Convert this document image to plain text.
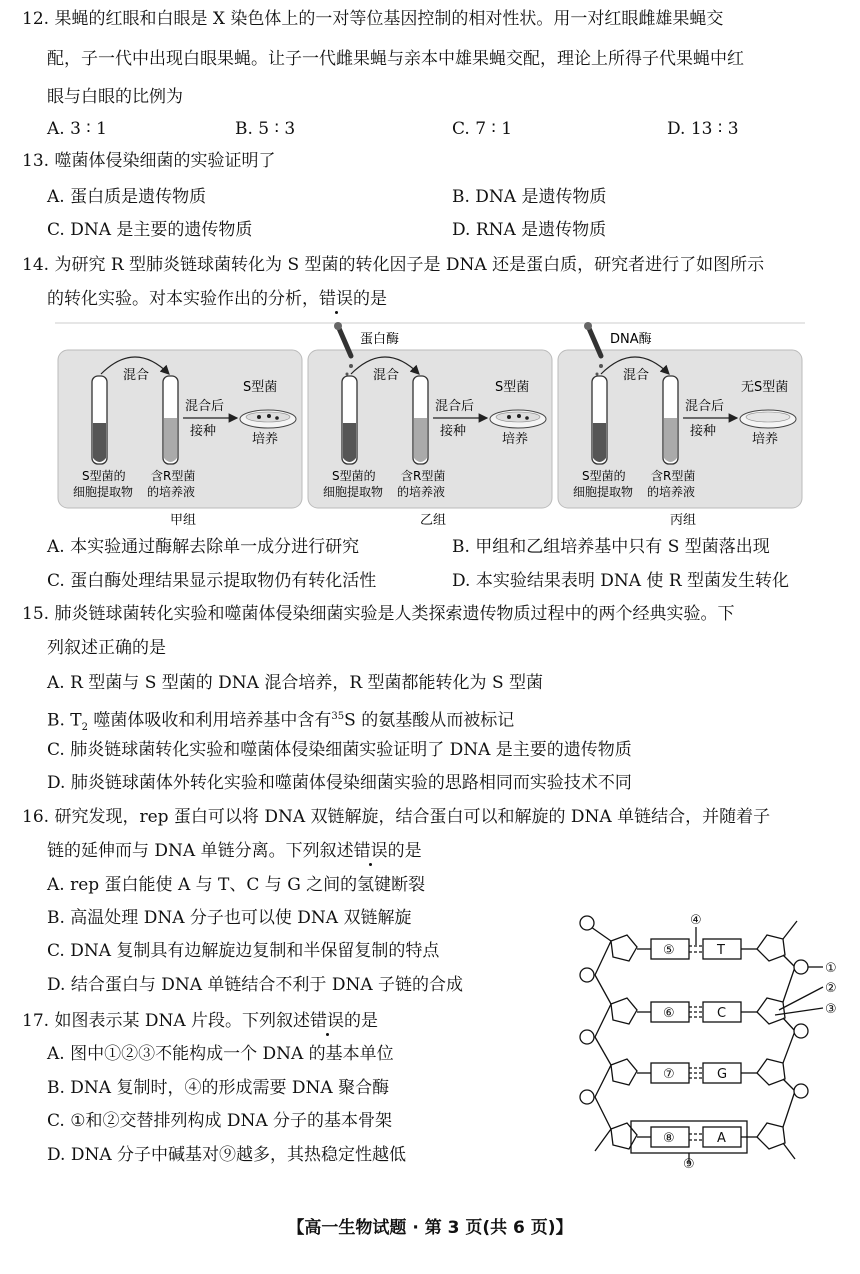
12. 果蝇的红眼和白眼是 X 染色体上的一对等位基因控制的相对性状。用一对红眼雌雄果蝇交
配，子一代中出现白眼果蝇。让子一代雌果蝇与亲本中雄果蝇交配，理论上所得子代果蝇中红
眼与白眼的比例为
A. 3 ∶ 1	B. 5 ∶ 3	C. 7 ∶ 1	D. 13 ∶ 3
13. 噬菌体侵染细菌的实验证明了
A. 蛋白质是遗传物质	B. DNA 是遗传物质
C. DNA 是主要的遗传物质	D. RNA 是遗传物质
14. 为研究 R 型肺炎链球菌转化为 S 型菌的转化因子是 DNA 还是蛋白质，研究者进行了如图所示
的转化实验。对本实验作出的分析，错误的是
混合
混合后
接种
S型菌
培养
S型菌的
细胞提取物
含R型菌
的培养液
甲组
蛋白酶
混合
混合后
接种
S型菌
培养
S型菌的
细胞提取物
含R型菌
的培养液
乙组
DNA酶
混合
混合后
接种
无S型菌
培养
S型菌的
细胞提取物
含R型菌
的培养液
丙组
A. 本实验通过酶解去除单一成分进行研究	B. 甲组和乙组培养基中只有 S 型菌落出现
C. 蛋白酶处理结果显示提取物仍有转化活性	D. 本实验结果表明 DNA 使 R 型菌发生转化
15. 肺炎链球菌转化实验和噬菌体侵染细菌实验是人类探索遗传物质过程中的两个经典实验。下
列叙述正确的是
A. R 型菌与 S 型菌的 DNA 混合培养，R 型菌都能转化为 S 型菌
B. $T_2$ 噬菌体吸收和利用培养基中含有$^{35}$S 的氨基酸从而被标记
C. 肺炎链球菌转化实验和噬菌体侵染细菌实验证明了 DNA 是主要的遗传物质
D. 肺炎链球菌体外转化实验和噬菌体侵染细菌实验的思路相同而实验技术不同
16. 研究发现，rep 蛋白可以将 DNA 双链解旋，结合蛋白可以和解旋的 DNA 单链结合，并随着子
链的延伸而与 DNA 单链分离。下列叙述错误的是
A. rep 蛋白能使 A 与 T、C 与 G 之间的氢键断裂
B. 高温处理 DNA 分子也可以使 DNA 双链解旋
C. DNA 复制具有边解旋边复制和半保留复制的特点
D. 结合蛋白与 DNA 单链结合不利于 DNA 子链的合成
17. 如图表示某 DNA 片段。下列叙述错误的是
A. 图中①②③不能构成一个 DNA 的基本单位
B. DNA 复制时，④的形成需要 DNA 聚合酶
C. ①和②交替排列构成 DNA 分子的基本骨架
D. DNA 分子中碱基对⑨越多，其热稳定性越低
⑤
⑥
⑦
⑧
T
C
G
A
④
①
②
③
⑨
【高一生物试题 · 第 3 页(共 6 页)】
